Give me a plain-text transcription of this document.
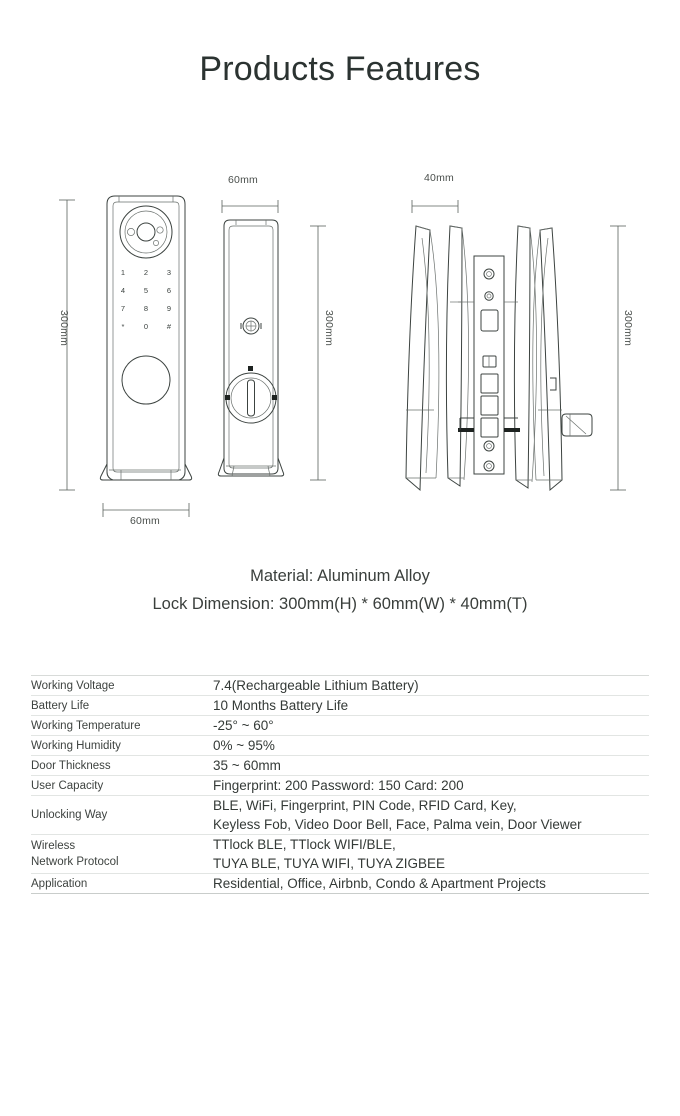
Products Features
1	2	3
4	5	6
7	8	9
*	0	#
300mm
60mm
60mm
300mm
40mm
300mm
Material: Aluminum Alloy
Lock Dimension: 300mm(H) * 60mm(W) * 40mm(T)
Working Voltage	7.4(Rechargeable Lithium Battery)

Battery Life	10 Months Battery Life

Working Temperature	-25° ~ 60°

Working Humidity	0% ~ 95%

Door Thickness	35 ~ 60mm

User Capacity	Fingerprint: 200 Password: 150 Card: 200

Unlocking Way	BLE, WiFi, Fingerprint, PIN Code, RFID Card, Key,
Keyless Fob, Video Door Bell, Face, Palma vein, Door Viewer

Wireless
Network Protocol	TTlock BLE, TTlock WIFI/BLE,
TUYA BLE, TUYA WIFI, TUYA ZIGBEE

Application	Residential, Office, Airbnb, Condo & Apartment Projects
